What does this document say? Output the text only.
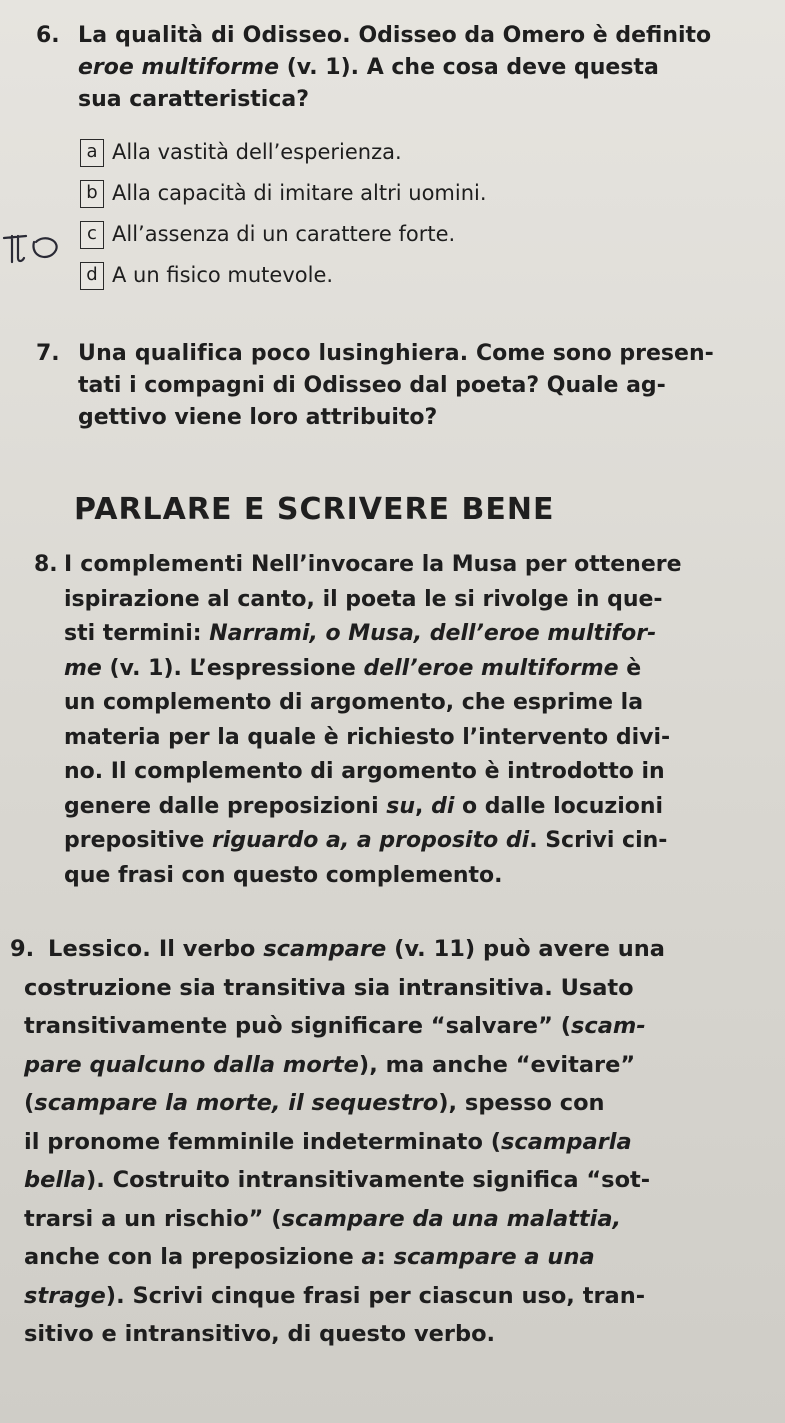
6. La qualità di Odisseo. Odisseo da Omero è definito
eroe multiforme (v. 1). A che cosa deve questa
sua caratteristica?
a Alla vastità dell’esperienza.
b Alla capacità di imitare altri uomini.
c All’assenza di un carattere forte.
d A un fisico mutevole.
7. Una qualifica poco lusinghiera. Come sono presen-
tati i compagni di Odisseo dal poeta? Quale ag-
gettivo viene loro attribuito?
PARLARE E SCRIVERE BENE
8. I complementi Nell’invocare la Musa per ottenere
ispirazione al canto, il poeta le si rivolge in que-
sti termini: Narrami, o Musa, dell’eroe multifor-
me (v. 1). L’espressione dell’eroe multiforme è
un complemento di argomento, che esprime la
materia per la quale è richiesto l’intervento divi-
no. Il complemento di argomento è introdotto in
genere dalle preposizioni su, di o dalle locuzioni
prepositive riguardo a, a proposito di. Scrivi cin-
que frasi con questo complemento.
9. Lessico. Il verbo scampare (v. 11) può avere una
costruzione sia transitiva sia intransitiva. Usato
transitivamente può significare “salvare” (scam-
pare qualcuno dalla morte), ma anche “evitare”
(scampare la morte, il sequestro), spesso con
il pronome femminile indeterminato (scamparla
bella). Costruito intransitivamente significa “sot-
trarsi a un rischio” (scampare da una malattia,
anche con la preposizione a: scampare a una
strage). Scrivi cinque frasi per ciascun uso, tran-
sitivo e intransitivo, di questo verbo.
